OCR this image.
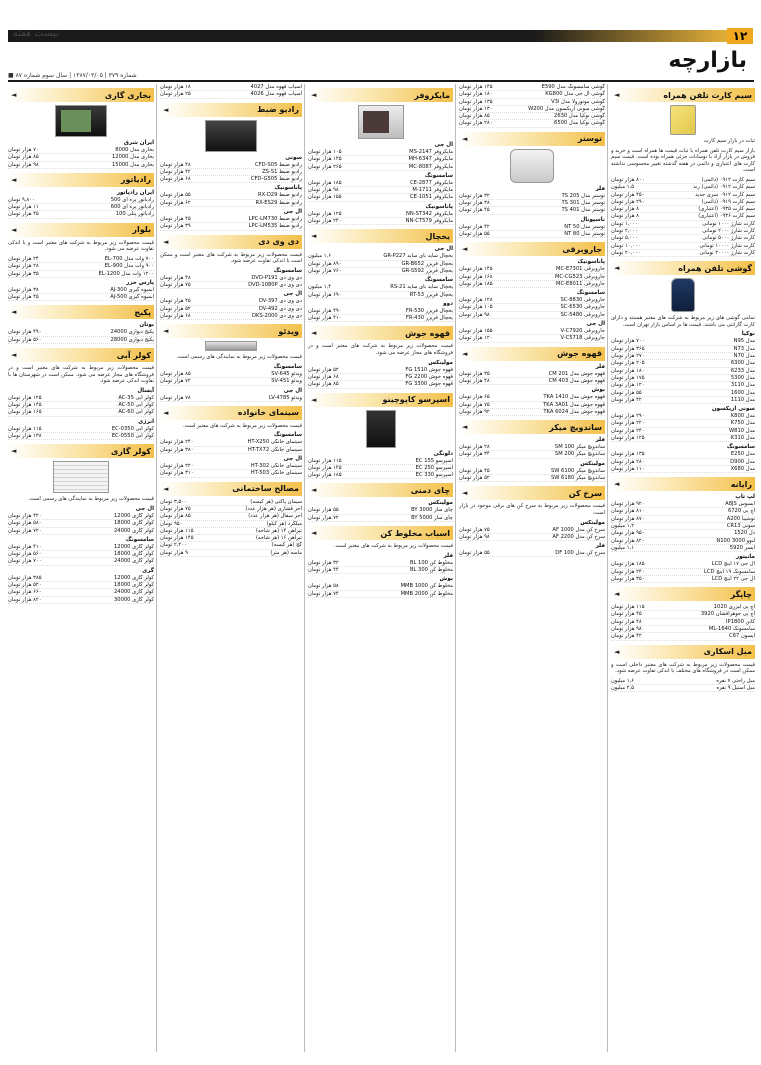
۱۲
نیست هفته
بازارچه
■ شماره ۳۷۹ | ۱۳۸۷/۰۳/۰۵ | سال سوم شماره ۸۷
سیم کارت تلفن همراه
◄
ثبات در بازار سیم کارت
بازار سیم کارت تلفن همراه با ثبات قیمت ها همراه است و خرید و فروش در بازار آزاد با نوسانات جزئی همراه بوده است. قیمت سیم کارت های اعتباری و دائمی در هفته گذشته تغییر محسوسی نداشته است.
سیم کارت ۰۹۱۲ (دائمی)
۸۰۰ هزار تومان
سیم کارت ۰۹۱۲ (دائمی) رند
۱,۵ میلیون
سیم کارت ۰۹۱۲ سری جدید
۴۵۰ هزار تومان
سیم کارت ۰۹۱۹ (دائمی)
۲۹۰ هزار تومان
سیم کارت ۰۹۳۵ (اعتباری)
۸ هزار تومان
سیم کارت ۰۹۳۶ (اعتباری)
۸ هزار تومان
کارت شارژ ۱۰۰۰ تومانی
۱,۰۰۰ تومان
کارت شارژ ۲۰۰۰ تومانی
۲,۰۰۰ تومان
کارت شارژ ۵۰۰۰ تومانی
۵,۰۰۰ تومان
کارت شارژ ۱۰۰۰۰ تومانی
۱۰,۰۰۰ تومان
کارت شارژ ۲۰۰۰۰ تومانی
۲۰,۰۰۰ تومان
گوشی تلفن همراه
◄
تمامی گوشی های زیر مربوط به شرکت های معتبر هستند و دارای کارت گارانتی می باشند. قیمت ها بر اساس بازار تهران است.
نوکیا
مدل N95
۷۰۰ هزار تومان
مدل N73
۳۶۵ هزار تومان
مدل N70
۲۷۰ هزار تومان
مدل 6300
۲۰۵ هزار تومان
مدل 6233
۱۸۰ هزار تومان
مدل 5300
۱۷۵ هزار تومان
مدل 3110
۱۲۰ هزار تومان
مدل 1600
۵۵ هزار تومان
مدل 1110
۴۲ هزار تومان
سونی اریکسون
مدل K800
۲۹۰ هزار تومان
مدل K750
۲۲۰ هزار تومان
مدل W810
۲۴۰ هزار تومان
مدل K310
۱۲۵ هزار تومان
سامسونگ
مدل E250
۱۳۵ هزار تومان
مدل D900
۲۸۰ هزار تومان
مدل X680
۱۱۰ هزار تومان
رایانه
◄
لپ تاپ
ایسوس A8JS
۹۲۰ هزار تومان
اچ پی 6720
۸۱۰ هزار تومان
توشیبا A200
۸۷۰ هزار تومان
سونی CR13
۱,۲ میلیون
دل 1520
۹۵۰ هزار تومان
لنوو 3000 N100
۸۲۰ هزار تومان
ایسر 5920
۱,۱ میلیون
مانیتور
ال جی ۱۷ اینچ LCD
۱۸۵ هزار تومان
سامسونگ ۱۹ اینچ LCD
۲۴۰ هزار تومان
ال جی ۲۲ اینچ LCD
۳۵۰ هزار تومان
چاپگر
◄
اچ پی لیزری 1020
۱۱۵ هزار تومان
اچ پی جوهرافشان 3920
۴۵ هزار تومان
کانن IP1800
۴۸ هزار تومان
سامسونگ ML-1640
۹۸ هزار تومان
اپسون C67
۴۲ هزار تومان
مبل اسکاری
◄
قیمت محصولات زیر مربوط به شرکت های معتبر داخلی است و ممکن است در فروشگاه های مختلف با اندکی تفاوت عرضه شود.
مبل راحتی ۷ نفره
۱,۶ میلیون
مبل استیل ۹ نفره
۲,۵ میلیون
گوشی سامسونگ مدل E590
۱۴۵ هزار تومان
گوشی ال جی مدل KG800
۱۸۰ هزار تومان
گوشی موتورولا مدل V3i
۱۳۵ هزار تومان
گوشی سونی اریکسون مدل W200
۱۳۰ هزار تومان
گوشی نوکیا مدل 2630
۸۵ هزار تومان
گوشی نوکیا مدل 6500
۲۸۰ هزار تومان
توستر
◄
فلر
توستر مدل TS 205
۳۲ هزار تومان
توستر مدل TS 301
۳۸ هزار تومان
توستر مدل TS 401
۴۵ هزار تومان
ناسیونال
توستر مدل NT 50
۴۲ هزار تومان
توستر مدل NT 80
۵۵ هزار تومان
جاروبرقی
◄
پاناسونیک
جاروبرقی MC-E7301
۱۴۵ هزار تومان
جاروبرقی MC-CG523
۱۶۸ هزار تومان
جاروبرقی MC-E8011
۱۸۵ هزار تومان
سامسونگ
جاروبرقی SC-8830
۱۲۸ هزار تومان
جاروبرقی SC-6530
۱۰۵ هزار تومان
جاروبرقی SC-5480
۹۸ هزار تومان
ال جی
جاروبرقی V-C7920
۱۵۵ هزار تومان
جاروبرقی V-C5718
۱۲۰ هزار تومان
قهوه جوش
◄
فلر
قهوه جوش مدل CM 201
۳۵ هزار تومان
قهوه جوش مدل CM 403
۴۸ هزار تومان
بوش
قهوه جوش مدل TKA 1410
۶۵ هزار تومان
قهوه جوش مدل TKA 3A01
۷۵ هزار تومان
قهوه جوش مدل TKA 6024
۹۲ هزار تومان
ساندویچ میکر
◄
فلر
ساندویچ میکر SM 100
۲۸ هزار تومان
ساندویچ میکر SM 200
۳۴ هزار تومان
مولینکس
ساندویچ میکر SW 6100
۴۵ هزار تومان
ساندویچ میکر SW 6180
۵۲ هزار تومان
سرخ کن
◄
قیمت محصولات زیر مربوط به سرخ کن های برقی موجود در بازار است.
مولینکس
سرخ کن مدل AF 1000
۷۵ هزار تومان
سرخ کن مدل AF 2200
۹۸ هزار تومان
فلر
سرخ کن مدل DF 100
۵۵ هزار تومان
مایکروفر
◄
ال جی
مایکروفر MS-2147
۱۰۵ هزار تومان
مایکروفر MH-6347
۱۴۵ هزار تومان
مایکروفر MC-8087
۲۶۵ هزار تومان
سامسونگ
مایکروفر CE-2877
۱۸۵ هزار تومان
مایکروفر M-1711
۹۸ هزار تومان
مایکروفر CE-1051
۱۵۵ هزار تومان
پاناسونیک
مایکروفر NN-ST342
۱۲۵ هزار تومان
مایکروفر NN-CT579
۲۴۰ هزار تومان
یخچال
◄
ال جی
یخچال ساید بای ساید GR-P227
۱,۶ میلیون
یخچال فریزر GR-B652
۸۹۰ هزار تومان
یخچال فریزر GR-S592
۷۶۰ هزار تومان
سامسونگ
یخچال ساید بای ساید RS-21
۱,۴ میلیون
یخچال فریزر RT-53
۶۹۰ هزار تومان
دوو
یخچال فریزر FR-530
۴۹۰ هزار تومان
یخچال فریزر FR-430
۴۱۰ هزار تومان
قهوه جوش
◄
قیمت محصولات زیر مربوط به شرکت های معتبر است و در فروشگاه های مجاز عرضه می شود.
مولینکس
قهوه جوش FG 1510
۵۲ هزار تومان
قهوه جوش FG 2200
۶۸ هزار تومان
قهوه جوش FG 3300
۸۵ هزار تومان
اسپرسو کاپوچینو
◄
دلونگی
اسپرسو EC 155
۱۱۵ هزار تومان
اسپرسو EC 250
۱۴۵ هزار تومان
اسپرسو EC 330
۱۸۵ هزار تومان
چای دمنی
◄
مولینکس
چای ساز BY 3000
۵۵ هزار تومان
چای ساز BY 5000
۷۲ هزار تومان
اسباب مخلوط کن
◄
قیمت محصولات زیر مربوط به شرکت های معتبر است.
فلر
مخلوط کن BL 100
۳۲ هزار تومان
مخلوط کن BL 300
۴۴ هزار تومان
بوش
مخلوط کن MMB 1000
۵۸ هزار تومان
مخلوط کن MMB 2000
۷۴ هزار تومان
آسیاب قهوه مدل 4027
۱۸ هزار تومان
آسیاب قهوه مدل 4026
۲۵ هزار تومان
رادیو ضبط
◄
سونی
رادیو ضبط CFD-S05
۴۸ هزار تومان
رادیو ضبط ZS-S1
۴۲ هزار تومان
رادیو ضبط CFD-G505
۶۸ هزار تومان
پاناسونیک
رادیو ضبط RX-D29
۵۵ هزار تومان
رادیو ضبط RX-ES29
۶۲ هزار تومان
ال جی
رادیو ضبط LPC-LM730
۴۵ هزار تومان
رادیو ضبط LPC-LM535
۳۹ هزار تومان
دی وی دی
◄
قیمت محصولات زیر مربوط به شرکت های معتبر است و ممکن است با اندکی تفاوت عرضه شود.
سامسونگ
دی وی دی DVD-P191
۴۸ هزار تومان
دی وی دی DVD-1080P
۷۵ هزار تومان
ال جی
دی وی دی DV-397
۴۵ هزار تومان
دی وی دی DV-492
۵۲ هزار تومان
دی وی دی DKS-2000
۶۸ هزار تومان
ویدئو
◄
قیمت محصولات زیر مربوط به نمایندگی های رسمی است.
سامسونگ
ویدئو SV-645
۸۵ هزار تومان
ویدئو SV-451
۷۲ هزار تومان
ال جی
ویدئو LV-4785
۷۸ هزار تومان
سینمای خانواده
◄
قیمت محصولات زیر مربوط به شرکت های معتبر است.
سامسونگ
سینمای خانگی HT-X250
۲۴۰ هزار تومان
سینمای خانگی HT-TX72
۳۸۰ هزار تومان
ال جی
سینمای خانگی HT-302
۲۲۰ هزار تومان
سینمای خانگی HT-503
۳۱۰ هزار تومان
مصالح ساختمانی
◄
سیمان پاکتی (هر کیسه)
۳,۵۰۰ تومان
آجر فشاری (هر هزار عدد)
۷۵ هزار تومان
آجر سفال (هر هزار عدد)
۸۵ هزار تومان
میلگرد (هر کیلو)
۹۵۰ تومان
تیرآهن ۱۴ (هر شاخه)
۱۱۵ هزار تومان
تیرآهن ۱۶ (هر شاخه)
۱۴۵ هزار تومان
گچ (هر کیسه)
۲,۲۰۰ تومان
ماسه (هر متر)
۹ هزار تومان
بخاری گازی
◄
ایران شرق
بخاری مدل 8000
۷۰ هزار تومان
بخاری مدل 12000
۸۵ هزار تومان
بخاری مدل 15000
۹۸ هزار تومان
رادیاتور
◄
ایران رادیاتور
رادیاتور پره ای 500
۹,۸۰۰ تومان
رادیاتور پره ای 600
۱۱ هزار تومان
رادیاتور پنلی 100
۴۵ هزار تومان
بلوار
◄
قیمت محصولات زیر مربوط به شرکت های معتبر است و با اندکی تفاوت عرضه می شود.
۷۰۰ وات مدل EL-700
۲۴ هزار تومان
۹۰۰ وات مدل EL-900
۲۸ هزار تومان
۱۲۰۰ وات مدل EL-1200
۳۵ هزار تومان
پارس خزر
آبمیوه گیری AJ-300
۳۸ هزار تومان
آبمیوه گیری AJ-500
۴۵ هزار تومان
پکیج
◄
بوتان
پکیج دیواری 24000
۴۹۰ هزار تومان
پکیج دیواری 28000
۵۶۰ هزار تومان
کولر آبی
◄
قیمت محصولات زیر مربوط به شرکت های معتبر است و در فروشگاه های مجاز عرضه می شود. ممکن است در شهرستان ها با تفاوت اندکی عرضه شود.
آبسال
کولر آبی AC-35
۱۲۵ هزار تومان
کولر آبی AC-50
۱۴۵ هزار تومان
کولر آبی AC-60
۱۶۵ هزار تومان
انرژی
کولر آبی EC-0350
۱۱۵ هزار تومان
کولر آبی EC-0550
۱۳۸ هزار تومان
کولر گازی
◄
قیمت محصولات زیر مربوط به نمایندگی های رسمی است.
ال جی
کولر گازی 12000
۴۲۰ هزار تومان
کولر گازی 18000
۵۸۰ هزار تومان
کولر گازی 24000
۷۲۰ هزار تومان
سامسونگ
کولر گازی 12000
۴۱۰ هزار تومان
کولر گازی 18000
۵۶۰ هزار تومان
کولر گازی 24000
۷۰۰ هزار تومان
گری
کولر گازی 12000
۳۸۵ هزار تومان
کولر گازی 18000
۵۲۰ هزار تومان
کولر گازی 24000
۶۶۰ هزار تومان
کولر گازی 30000
۸۲۰ هزار تومان
